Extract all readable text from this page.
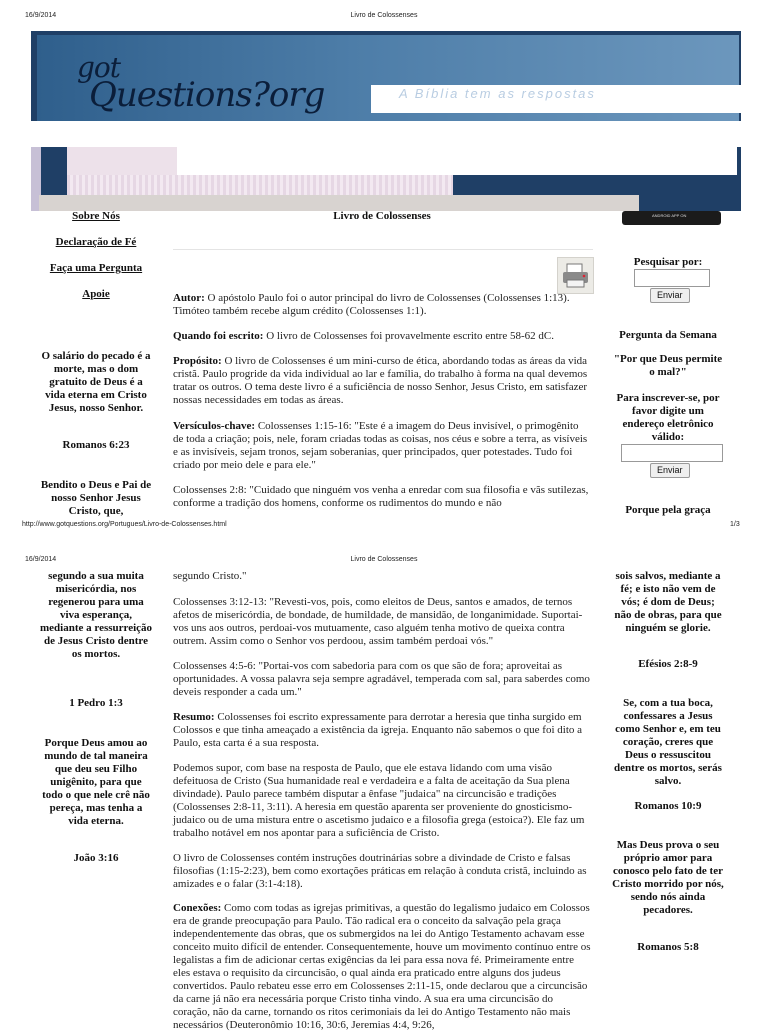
16/9/2014	Livro de Colossenses
got
Questions?org	A Bíblia tem as respostas
ANDROID APP ON
Sobre Nós
Declaração de Fé
Faça uma Pergunta
Apoie
O salário do pecado é a morte, mas o dom gratuito de Deus é a vida eterna em Cristo Jesus, nosso Senhor.
Romanos 6:23
Bendito o Deus e Pai de nosso Senhor Jesus Cristo, que,
Livro de Colossenses

Autor: O apóstolo Paulo foi o autor principal do livro de Colossenses (Colossenses 1:13). Timóteo também recebe algum crédito (Colossenses 1:1).

Quando foi escrito: O livro de Colossenses foi provavelmente escrito entre 58-62 dC.

Propósito: O livro de Colossenses é um mini-curso de ética, abordando todas as áreas da vida cristã. Paulo progride da vida individual ao lar e família, do trabalho à forma na qual devemos tratar os outros. O tema deste livro é a suficiência de nosso Senhor, Jesus Cristo, em satisfazer nossas necessidades em todas as áreas.

Versículos-chave: Colossenses 1:15-16: "Este é a imagem do Deus invisível, o primogênito de toda a criação; pois, nele, foram criadas todas as coisas, nos céus e sobre a terra, as visíveis e as invisíveis, sejam tronos, sejam soberanias, quer principados, quer potestades. Tudo foi criado por meio dele e para ele."

Colossenses 2:8: "Cuidado que ninguém vos venha a enredar com sua filosofia e vãs sutilezas, conforme a tradição dos homens, conforme os rudimentos do mundo e não
Pesquisar por:
Enviar
Pergunta da Semana
"Por que Deus permite o mal?"
Para inscrever-se, por favor digite um endereço eletrônico válido:
Enviar
Porque pela graça
http://www.gotquestions.org/Portugues/Livro-de-Colossenses.html	1/3
16/9/2014	Livro de Colossenses
segundo a sua muita misericórdia, nos regenerou para uma viva esperança, mediante a ressurreição de Jesus Cristo dentre os mortos.
1 Pedro 1:3
Porque Deus amou ao mundo de tal maneira que deu seu Filho unigênito, para que todo o que nele crê não pereça, mas tenha a vida eterna.
João 3:16
segundo Cristo."
Colossenses 3:12-13: "Revesti-vos, pois, como eleitos de Deus, santos e amados, de ternos afetos de misericórdia, de bondade, de humildade, de mansidão, de longanimidade. Suportai-vos uns aos outros, perdoai-vos mutuamente, caso alguém tenha motivo de queixa contra outrem. Assim como o Senhor vos perdoou, assim também perdoai vós."
Colossenses 4:5-6: "Portai-vos com sabedoria para com os que são de fora; aproveitai as oportunidades. A vossa palavra seja sempre agradável, temperada com sal, para saberdes como deveis responder a cada um."

Resumo: Colossenses foi escrito expressamente para derrotar a heresia que tinha surgido em Colossos e que tinha ameaçado a existência da igreja. Enquanto não sabemos o que foi dito a Paulo, esta carta é a sua resposta.

Podemos supor, com base na resposta de Paulo, que ele estava lidando com uma visão defeituosa de Cristo (Sua humanidade real e verdadeira e a falta de aceitação da Sua plena divindade). Paulo parece também disputar a ênfase "judaica" na circuncisão e tradições (Colossenses 2:8-11, 3:11). A heresia em questão aparenta ser proveniente do gnosticismo-judaico ou de uma mistura entre o ascetismo judaico e a filosofia grega (estoica?). Ele faz um trabalho notável em nos apontar para a suficiência de Cristo.
O livro de Colossenses contém instruções doutrinárias sobre a divindade de Cristo e falsas filosofias (1:15-2:23), bem como exortações práticas em relação à conduta cristã, incluindo as amizades e o falar (3:1-4:18).

Conexões: Como com todas as igrejas primitivas, a questão do legalismo judaico em Colossos era de grande preocupação para Paulo. Tão radical era o conceito da salvação pela graça independentemente das obras, que os submergidos na lei do Antigo Testamento achavam esse conceito muito difícil de entender. Consequentemente, houve um movimento contínuo entre os legalistas a fim de adicionar certas exigências da lei para essa nova fé. Primeiramente entre eles estava o requisito da circuncisão, o qual ainda era praticado entre alguns dos judeus convertidos. Paulo rebateu esse erro em Colossenses 2:11-15, onde declarou que a circuncisão da carne já não era necessária porque Cristo tinha vindo. A sua era uma circuncisão do coração, não da carne, tornando os ritos cerimoniais da lei do Antigo Testamento não mais necessários (Deuteronômio 10:16, 30:6, Jeremias 4:4, 9:26,

sois salvos, mediante a fé; e isto não vem de vós; é dom de Deus; não de obras, para que ninguém se glorie.
Efésios 2:8-9
Se, com a tua boca, confessares a Jesus como Senhor e, em teu coração, creres que Deus o ressuscitou dentre os mortos, serás salvo.
Romanos 10:9
Mas Deus prova o seu próprio amor para conosco pelo fato de ter Cristo morrido por nós, sendo nós ainda pecadores.
Romanos 5:8
